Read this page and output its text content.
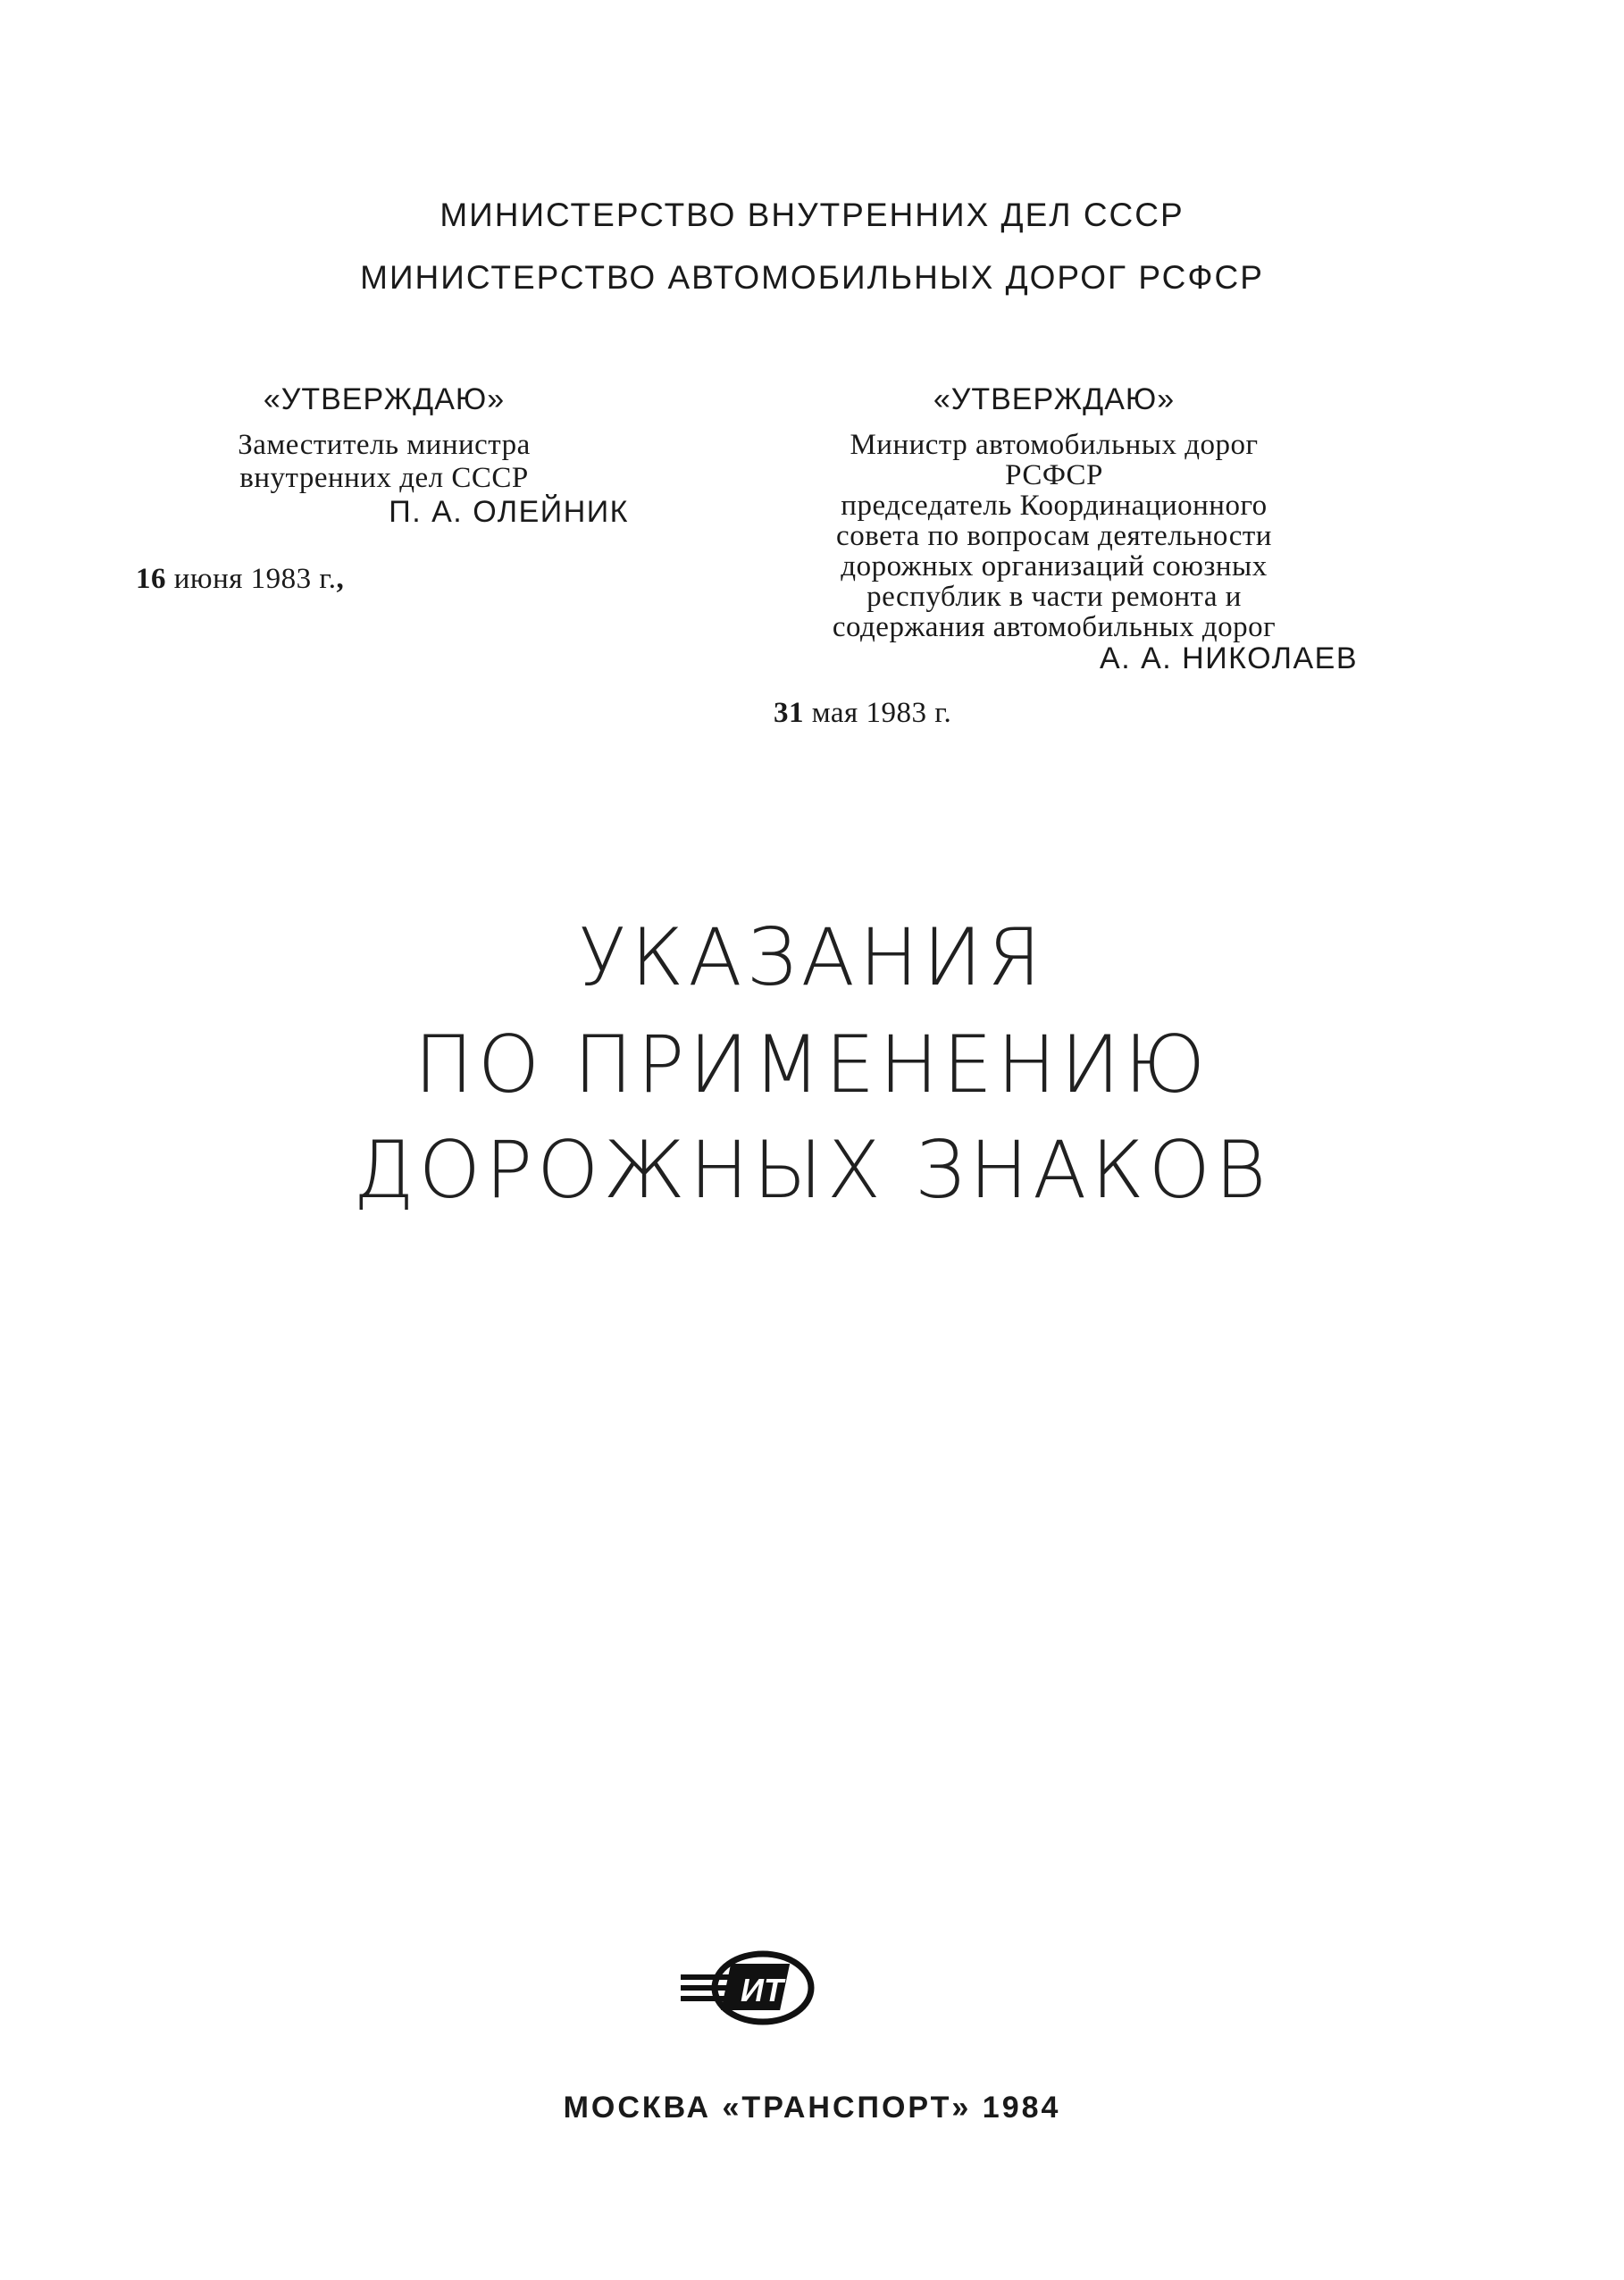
МИНИСТЕРСТВО ВНУТРЕННИХ ДЕЛ СССР
МИНИСТЕРСТВО АВТОМОБИЛЬНЫХ ДОРОГ РСФСР
«УТВЕРЖДАЮ»
Заместитель министра
внутренних дел СССР
П. А. ОЛЕЙНИК
16 июня 1983 г.,
«УТВЕРЖДАЮ»
Министр автомобильных дорог
РСФСР
председатель Координационного
совета по вопросам деятельности
дорожных организаций союзных
республик в части ремонта и
содержания автомобильных дорог
А. А. НИКОЛАЕВ
31 мая 1983 г.
УКАЗАНИЯ
ПО ПРИМЕНЕНИЮ
ДОРОЖНЫХ ЗНАКОВ
ИТ
МОСКВА «ТРАНСПОРТ» 1984
